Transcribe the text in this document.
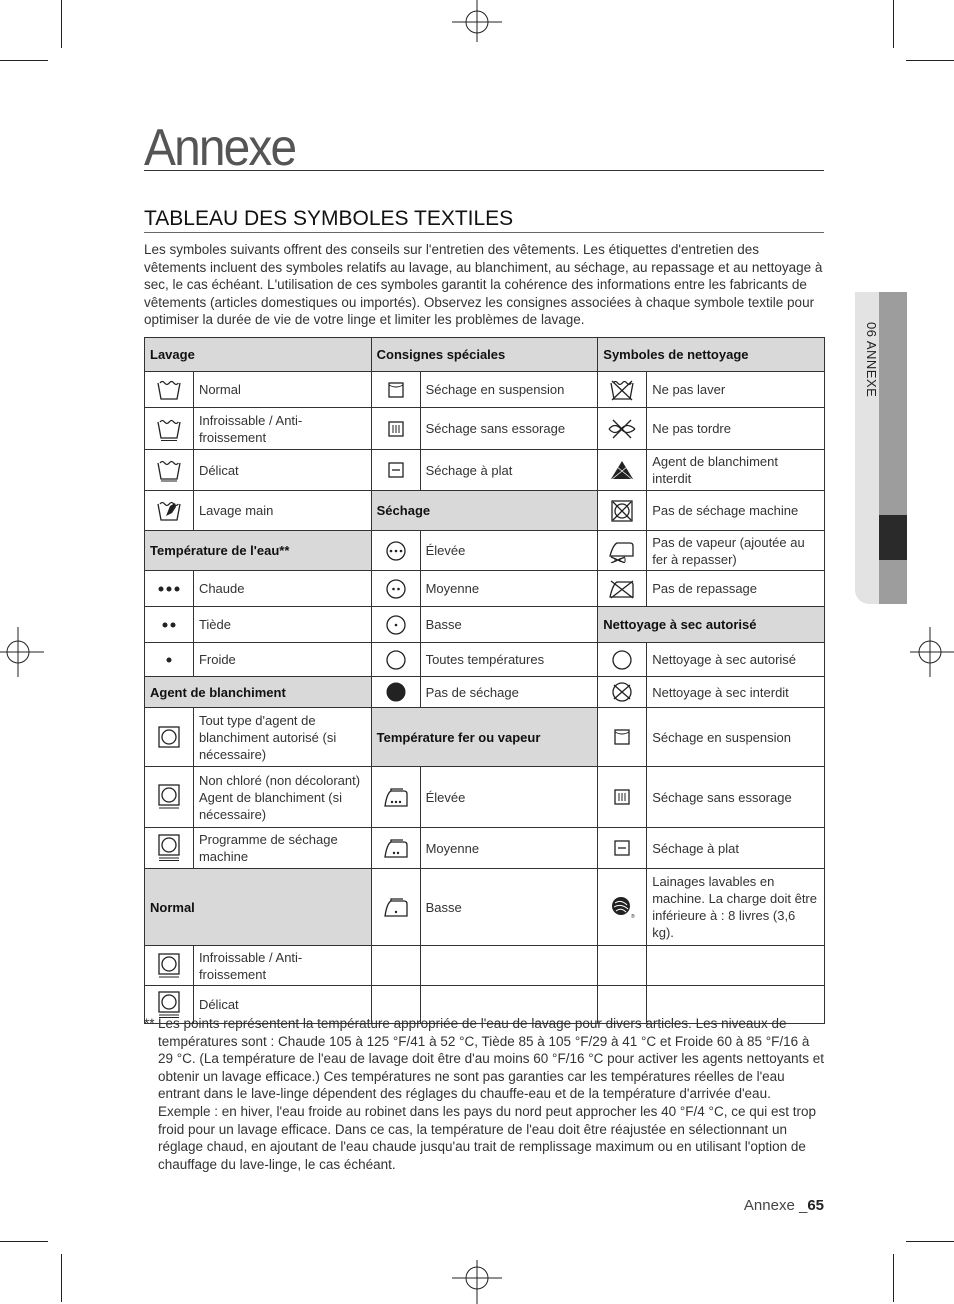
06 ANNEXE
Annexe
TABLEAU DES SYMBOLES TEXTILES

Les symboles suivants offrent des conseils sur l'entretien des vêtements. Les étiquettes d'entretien des vêtements incluent des symboles relatifs au lavage, au blanchiment, au séchage, au repassage et au nettoyage à sec, le cas échéant. L'utilisation de ces symboles garantit la cohérence des informations entre les fabricants de vêtements (articles domestiques ou importés). Observez les consignes associées à chaque symbole textile pour optimiser la durée de vie de votre linge et limiter les problèmes de lavage.

Lavage		Consignes spéciales		Symboles de nettoyage	

	Normal		Séchage en suspension		Ne pas laver

	Infroissable / Anti-froissement		Séchage sans essorage		Ne pas tordre

	Délicat		Séchage à plat		Agent de blanchiment interdit

	Lavage main	Séchage			Pas de séchage machine
Température de l'eau**			Élevée		Pas de vapeur (ajoutée au fer à repasser)

	Chaude		Moyenne		Pas de repassage

	Tiède		Basse	Nettoyage à sec autorisé	

	Froide		Toutes températures		Nettoyage à sec autorisé
Agent de blanchiment			Pas de séchage		Nettoyage à sec interdit

	Tout type d'agent de blanchiment autorisé (si nécessaire)	Température fer ou vapeur			Séchage en suspension

	Non chloré (non décolorant) Agent de blanchiment (si nécessaire)		Élevée		Séchage sans essorage

	Programme de séchage machine		Moyenne		Séchage à plat
Normal			Basse	®	Lainages lavables en machine. La charge doit être inférieure à : 8 livres (3,6 kg).

	Infroissable / Anti-froissement				

	Délicat				
** Les points représentent la température appropriée de l'eau de lavage pour divers articles. Les niveaux de températures sont : Chaude 105 à 125 °F/41 à 52 °C, Tiède 85 à 105 °F/29 à 41 °C et Froide 60 à 85 °F/16 à 29 °C. (La température de l'eau de lavage doit être d'au moins 60 °F/16 °C pour activer les agents nettoyants et obtenir un lavage efficace.) Ces températures ne sont pas garanties car les températures réelles de l'eau entrant dans le lave-linge dépendent des réglages du chauffe-eau et de la température d'arrivée d'eau. Exemple : en hiver, l'eau froide au robinet dans les pays du nord peut approcher les 40 °F/4 °C, ce qui est trop froid pour un lavage efficace. Dans ce cas, la température de l'eau doit être réajustée en sélectionnant un réglage chaud, en ajoutant de l'eau chaude jusqu'au trait de remplissage maximum ou en utilisant l'option de chauffage du lave-linge, le cas échéant.
Annexe _65
